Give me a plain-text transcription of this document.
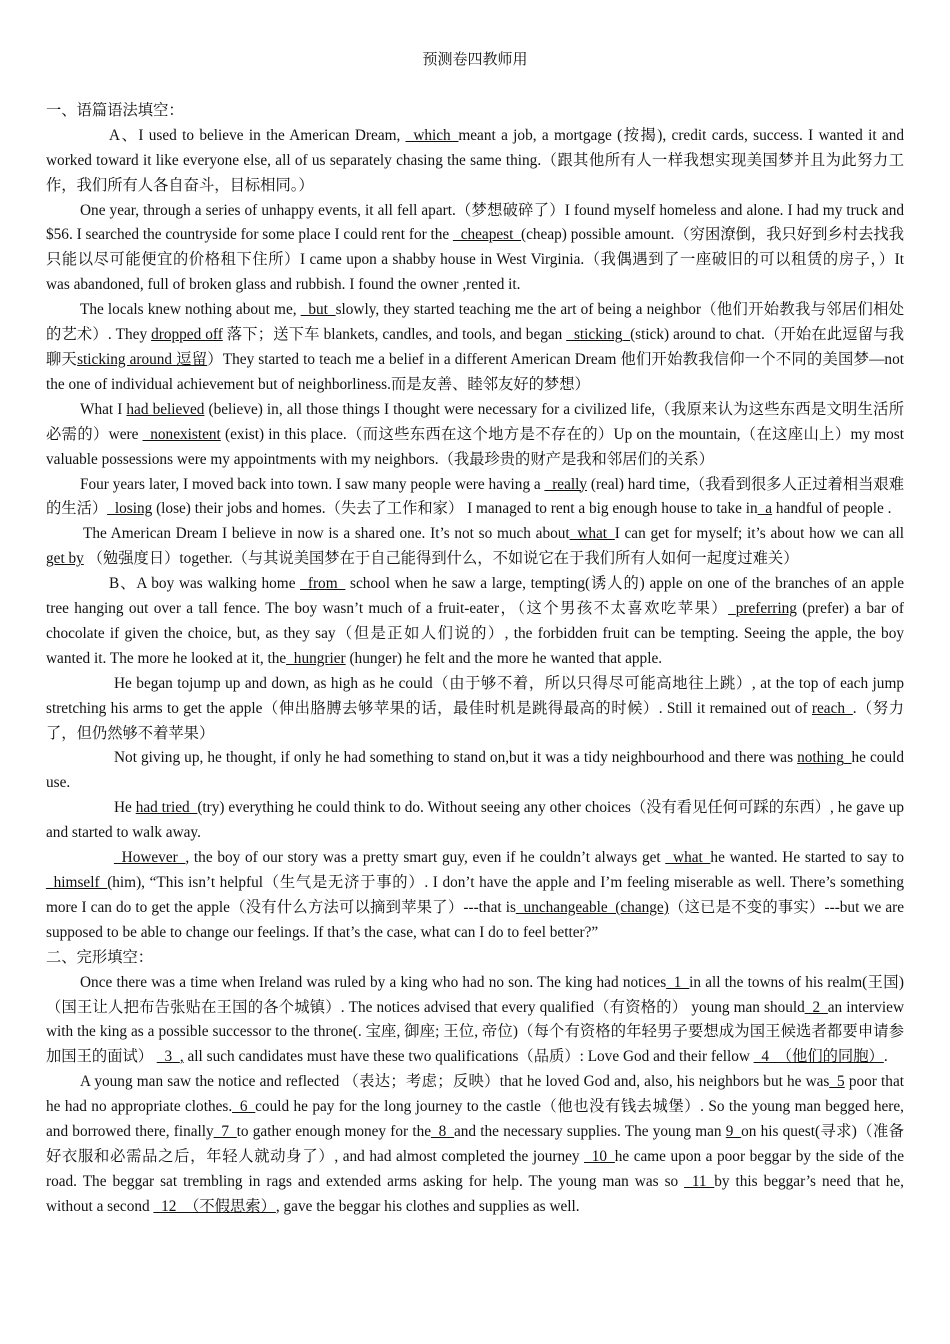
预测卷四教师用

一、语篇语法填空：

A、I used to believe in the American Dream, _which_meant a job, a mortgage (按揭), credit cards, success. I wanted it and worked toward it like everyone else, all of us separately chasing the same thing.（跟其他所有人一样我想实现美国梦并且为此努力工作，我们所有人各自奋斗，目标相同。）

One year, through a series of unhappy events, it all fell apart.（梦想破碎了）I found myself homeless and alone. I had my truck and $56. I searched the countryside for some place I could rent for the _cheapest_(cheap) possible amount.（穷困潦倒，我只好到乡村去找我只能以尽可能便宜的价格租下住所）I came upon a shabby house in West Virginia.（我偶遇到了一座破旧的可以租赁的房子，）It was abandoned, full of broken glass and rubbish. I found the owner ,rented it.

The locals knew nothing about me, _but_slowly, they started teaching me the art of being a neighbor（他们开始教我与邻居们相处的艺术）. They dropped off 落下；送下车 blankets, candles, and tools, and began _sticking_(stick) around to chat.（开始在此逗留与我聊天sticking around 逗留）They started to teach me a belief in a different American Dream 他们开始教我信仰一个不同的美国梦—not the one of individual achievement but of neighborliness.而是友善、睦邻友好的梦想）

What I had believed (believe) in, all those things I thought were necessary for a civilized life,（我原来认为这些东西是文明生活所必需的）were _nonexistent (exist) in this place.（而这些东西在这个地方是不存在的）Up on the mountain,（在这座山上）my most valuable possessions were my appointments with my neighbors.（我最珍贵的财产是我和邻居们的关系）

Four years later, I moved back into town. I saw many people were having a _really (real) hard time,（我看到很多人正过着相当艰难的生活）_losing (lose) their jobs and homes.（失去了工作和家） I managed to rent a big enough house to take in_a handful of people .

The American Dream I believe in now is a shared one. It’s not so much about_what_I can get for myself; it’s about how we can all get by （勉强度日）together.（与其说美国梦在于自己能得到什么，不如说它在于我们所有人如何一起度过难关）

B、A boy was walking home _from_ school when he saw a large, tempting(诱人的) apple on one of the branches of an apple tree hanging out over a tall fence. The boy wasn’t much of a fruit-eater，（这个男孩不太喜欢吃苹果）_preferring (prefer) a bar of chocolate if given the choice, but, as they say（但是正如人们说的）, the forbidden fruit can be tempting. Seeing the apple, the boy wanted it. The more he looked at it, the_hungrier (hunger) he felt and the more he wanted that apple.

He began tojump up and down, as high as he could（由于够不着，所以只得尽可能高地往上跳）, at the top of each jump stretching his arms to get the apple（伸出胳膊去够苹果的话，最佳时机是跳得最高的时候）. Still it remained out of reach_.（努力了，但仍然够不着苹果）

Not giving up, he thought, if only he had something to stand on,but it was a tidy neighbourhood and there was nothing_he could use.

He had tried_(try) everything he could think to do. Without seeing any other choices（没有看见任何可踩的东西）, he gave up and started to walk away.

_However_, the boy of our story was a pretty smart guy, even if he couldn’t always get _what_he wanted. He started to say to _himself_(him), “This isn’t helpful（生气是无济于事的）. I don’t have the apple and I’m feeling miserable as well. There’s something more I can do to get the apple（没有什么方法可以摘到苹果了）---that is_unchangeable_(change)（这已是不变的事实）---but we are supposed to be able to change our feelings. If that’s the case, what can I do to feel better?”

二、完形填空：

Once there was a time when Ireland was ruled by a king who had no son. The king had notices_1_in all the towns of his realm(王国)（国王让人把布告张贴在王国的各个城镇）. The notices advised that every qualified（有资格的） young man should_2_an interview with the king as a possible successor to the throne(. 宝座, 御座; 王位, 帝位)（每个有资格的年轻男子要想成为国王候选者都要申请参加国王的面试） _3_, all such candidates must have these two qualifications（品质）: Love God and their fellow _4_（他们的同胞）.

A young man saw the notice and reflected （表达；考虑；反映）that he loved God and, also, his neighbors but he was_5 poor that he had no appropriate clothes._6_could he pay for the long journey to the castle（他也没有钱去城堡）. So the young man begged here, and borrowed there, finally_7_to gather enough money for the_8_and the necessary supplies. The young man 9_on his quest(寻求)（准备好衣服和必需品之后，年轻人就动身了）, and had almost completed the journey _10_he came upon a poor beggar by the side of the road. The beggar sat trembling in rags and extended arms asking for help. The young man was so _11_by this beggar’s need that he, without a second _12_（不假思索）, gave the beggar his clothes and supplies as well.
